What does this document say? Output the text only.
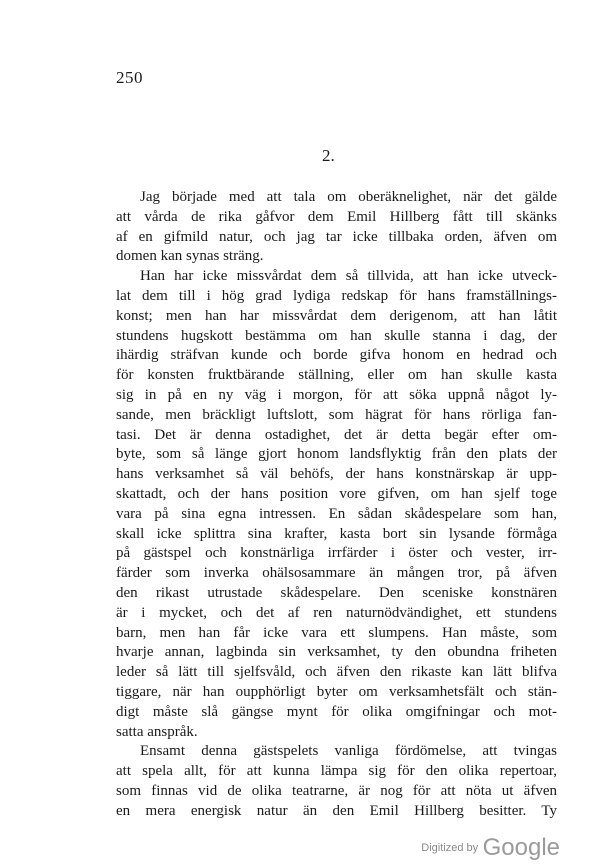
250
2.
Jag började med att tala om oberäknelighet, när det gälde
att vårda de rika gåfvor dem Emil Hillberg fått till skänks
af en gifmild natur, och jag tar icke tillbaka orden, äfven om
domen kan synas sträng.
Han har icke missvårdat dem så tillvida, att han icke utveck-
lat dem till i hög grad lydiga redskap för hans framställnings-
konst; men han har missvårdat dem derigenom, att han låtit
stundens hugskott bestämma om han skulle stanna i dag, der
ihärdig sträfvan kunde och borde gifva honom en hedrad och
för konsten fruktbärande ställning, eller om han skulle kasta
sig in på en ny väg i morgon, för att söka uppnå något ly-
sande, men bräckligt luftslott, som hägrat för hans rörliga fan-
tasi. Det är denna ostadighet, det är detta begär efter om-
byte, som så länge gjort honom landsflyktig från den plats der
hans verksamhet så väl behöfs, der hans konstnärskap är upp-
skattadt, och der hans position vore gifven, om han sjelf toge
vara på sina egna intressen. En sådan skådespelare som han,
skall icke splittra sina krafter, kasta bort sin lysande förmåga
på gästspel och konstnärliga irrfärder i öster och vester, irr-
färder som inverka ohälsosammare än mången tror, på äfven
den rikast utrustade skådespelare. Den sceniske konstnären
är i mycket, och det af ren naturnödvändighet, ett stundens
barn, men han får icke vara ett slumpens. Han måste, som
hvarje annan, lagbinda sin verksamhet, ty den obundna friheten
leder så lätt till sjelfsvåld, och äfven den rikaste kan lätt blifva
tiggare, när han oupphörligt byter om verksamhetsfält och stän-
digt måste slå gängse mynt för olika omgifningar och mot-
satta anspråk.
Ensamt denna gästspelets vanliga fördömelse, att tvingas
att spela allt, för att kunna lämpa sig för den olika repertoar,
som finnas vid de olika teatrarne, är nog för att nöta ut äfven
en mera energisk natur än den Emil Hillberg besitter. Ty
$^{Digitized by}$ Google
